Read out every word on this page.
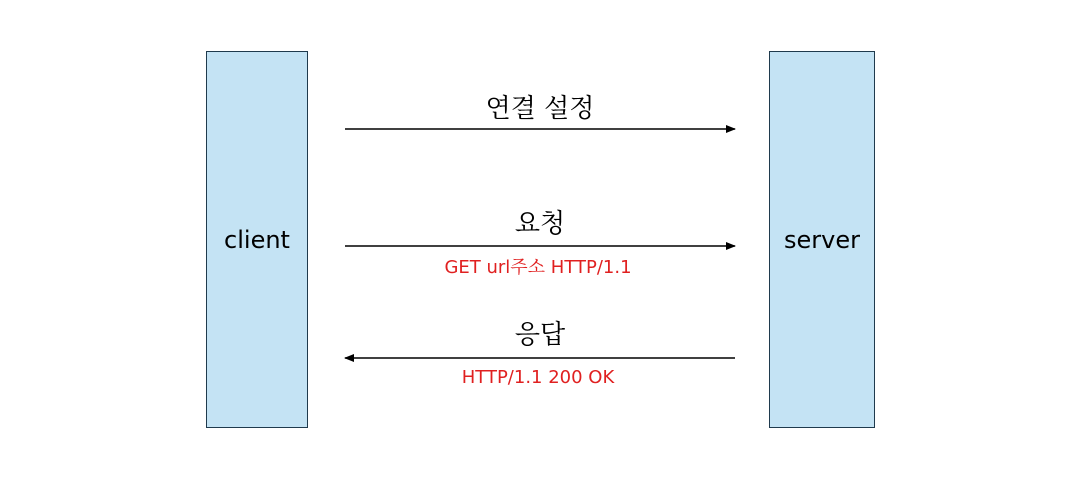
client	server
연결 설정
요청
GET url주소 HTTP/1.1
응답
HTTP/1.1 200 OK
